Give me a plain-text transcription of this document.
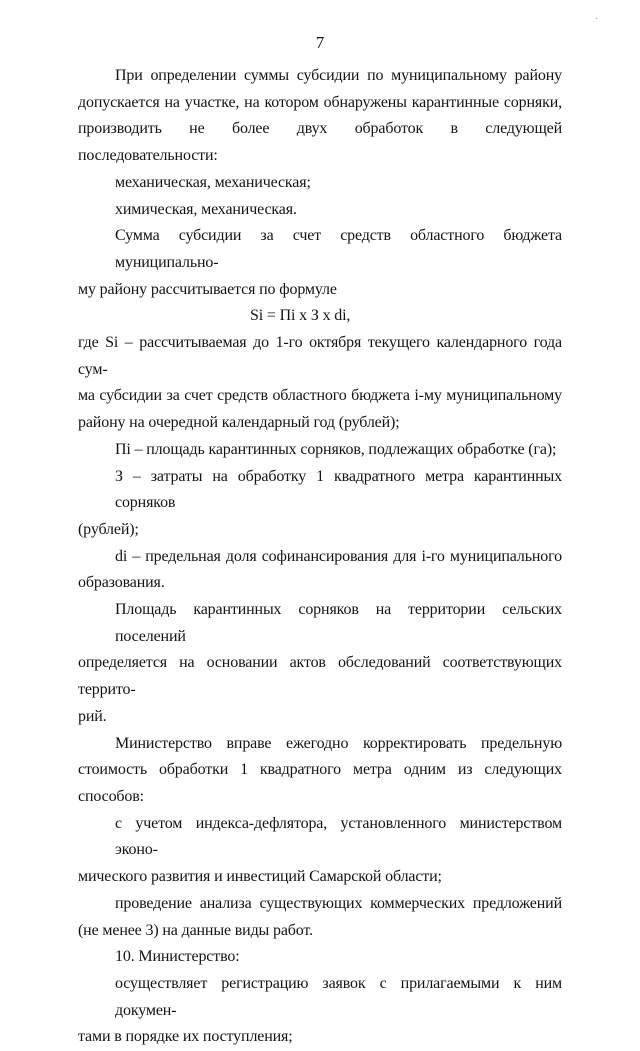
·
7

При определении суммы субсидии по муниципальному району

допускается на участке, на котором обнаружены карантинные сорняки,

производить не более двух обработок в следующей последовательности:

механическая, механическая;

химическая, механическая.

Сумма субсидии за счет средств областного бюджета муниципально-

му району рассчитывается по формуле

Si = Пi х З х di,

где Si – рассчитываемая до 1-го октября текущего календарного года сум-

ма субсидии за счет средств областного бюджета i-му муниципальному

району на очередной календарный год (рублей);

Пi – площадь карантинных сорняков, подлежащих обработке (га);

З – затраты на обработку 1 квадратного метра карантинных сорняков

(рублей);

di – предельная доля софинансирования для i-го муниципального

образования.

Площадь карантинных сорняков на территории сельских поселений

определяется на основании актов обследований соответствующих террито-

рий.

Министерство вправе ежегодно корректировать предельную

стоимость обработки 1 квадратного метра одним из следующих способов:

с учетом индекса-дефлятора, установленного министерством эконо-

мического развития и инвестиций Самарской области;

проведение анализа существующих коммерческих предложений

(не менее 3) на данные виды работ.

10. Министерство:

осуществляет регистрацию заявок с прилагаемыми к ним докумен-

тами в порядке их поступления;
